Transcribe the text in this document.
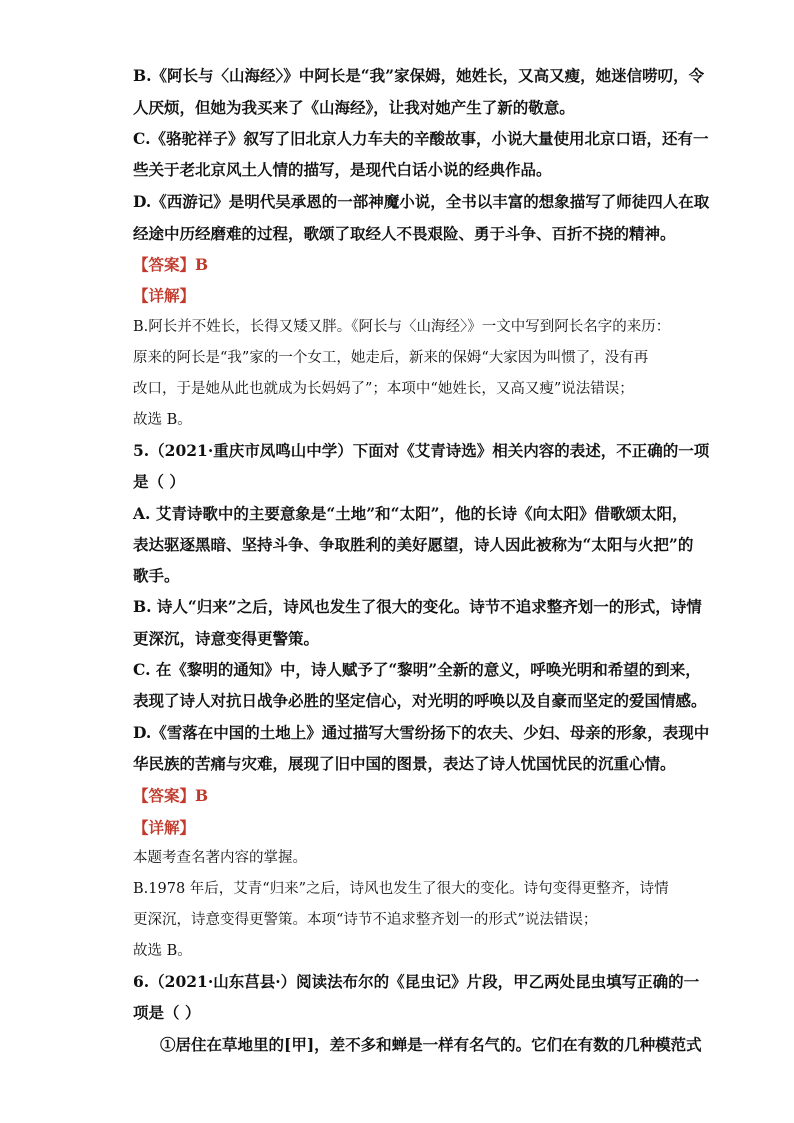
B.《阿长与〈山海经〉》中阿长是“我”家保姆，她姓长，又高又瘦，她迷信唠叨，令
人厌烦，但她为我买来了《山海经》，让我对她产生了新的敬意。
C.《骆驼祥子》叙写了旧北京人力车夫的辛酸故事，小说大量使用北京口语，还有一
些关于老北京风土人情的描写，是现代白话小说的经典作品。
D.《西游记》是明代吴承恩的一部神魔小说，全书以丰富的想象描写了师徒四人在取
经途中历经磨难的过程，歌颂了取经人不畏艰险、勇于斗争、百折不挠的精神。
【答案】B
【详解】
B.阿长并不姓长，长得又矮又胖。《阿长与〈山海经〉》一文中写到阿长名字的来历：
原来的阿长是“我”家的一个女工，她走后，新来的保姆“大家因为叫惯了，没有再
改口，于是她从此也就成为长妈妈了”；本项中“她姓长，又高又瘦”说法错误；
故选 B。
5.（2021·重庆市凤鸣山中学）下面对《艾青诗选》相关内容的表述，不正确的一项
是（ ）
A. 艾青诗歌中的主要意象是“土地”和“太阳”，他的长诗《向太阳》借歌颂太阳，
表达驱逐黑暗、坚持斗争、争取胜利的美好愿望，诗人因此被称为“太阳与火把”的
歌手。
B. 诗人“归来”之后，诗风也发生了很大的变化。诗节不追求整齐划一的形式，诗情
更深沉，诗意变得更警策。
C. 在《黎明的通知》中，诗人赋予了“黎明”全新的意义，呼唤光明和希望的到来，
表现了诗人对抗日战争必胜的坚定信心，对光明的呼唤以及自豪而坚定的爱国情感。
D.《雪落在中国的土地上》通过描写大雪纷扬下的农夫、少妇、母亲的形象，表现中
华民族的苦痛与灾难，展现了旧中国的图景，表达了诗人忧国忧民的沉重心情。
【答案】B
【详解】
本题考查名著内容的掌握。
B.1978 年后，艾青“归来”之后，诗风也发生了很大的变化。诗句变得更整齐，诗情
更深沉，诗意变得更警策。本项“诗节不追求整齐划一的形式”说法错误；
故选 B。
6.（2021·山东莒县·）阅读法布尔的《昆虫记》片段，甲乙两处昆虫填写正确的一
项是（ ）
①居住在草地里的[甲]，差不多和蝉是一样有名气的。它们在有数的几种模范式
